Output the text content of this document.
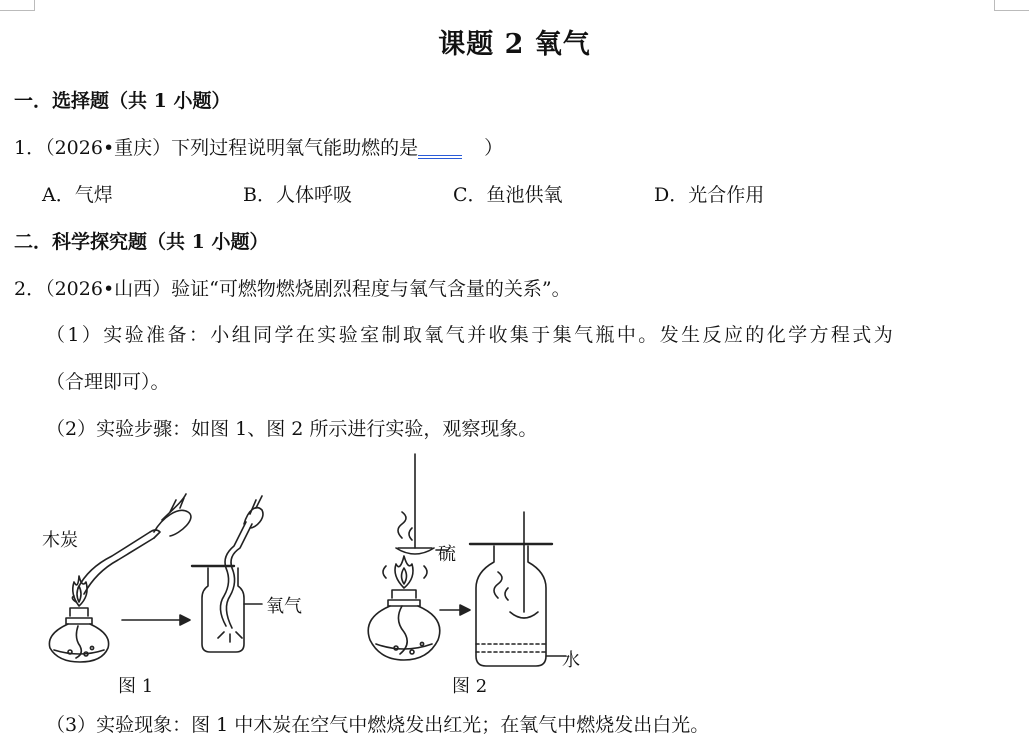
课题 2 氧气
一．选择题（共 1 小题）
1．（2026•重庆）下列过程说明氧气能助燃的是	）
A．气焊	B．人体呼吸	C．鱼池供氧	D．光合作用
二．科学探究题（共 1 小题）
2．（2026•山西）验证“可燃物燃烧剧烈程度与氧气含量的关系”。
（1）实验准备：小组同学在实验室制取氧气并收集于集气瓶中。发生反应的化学方程式为
（合理即可）。
（2）实验步骤：如图 1、图 2 所示进行实验，观察现象。
木炭
氧气
硫
水
图 1	图 2
（3）实验现象：图 1 中木炭在空气中燃烧发出红光；在氧气中燃烧发出白光。
